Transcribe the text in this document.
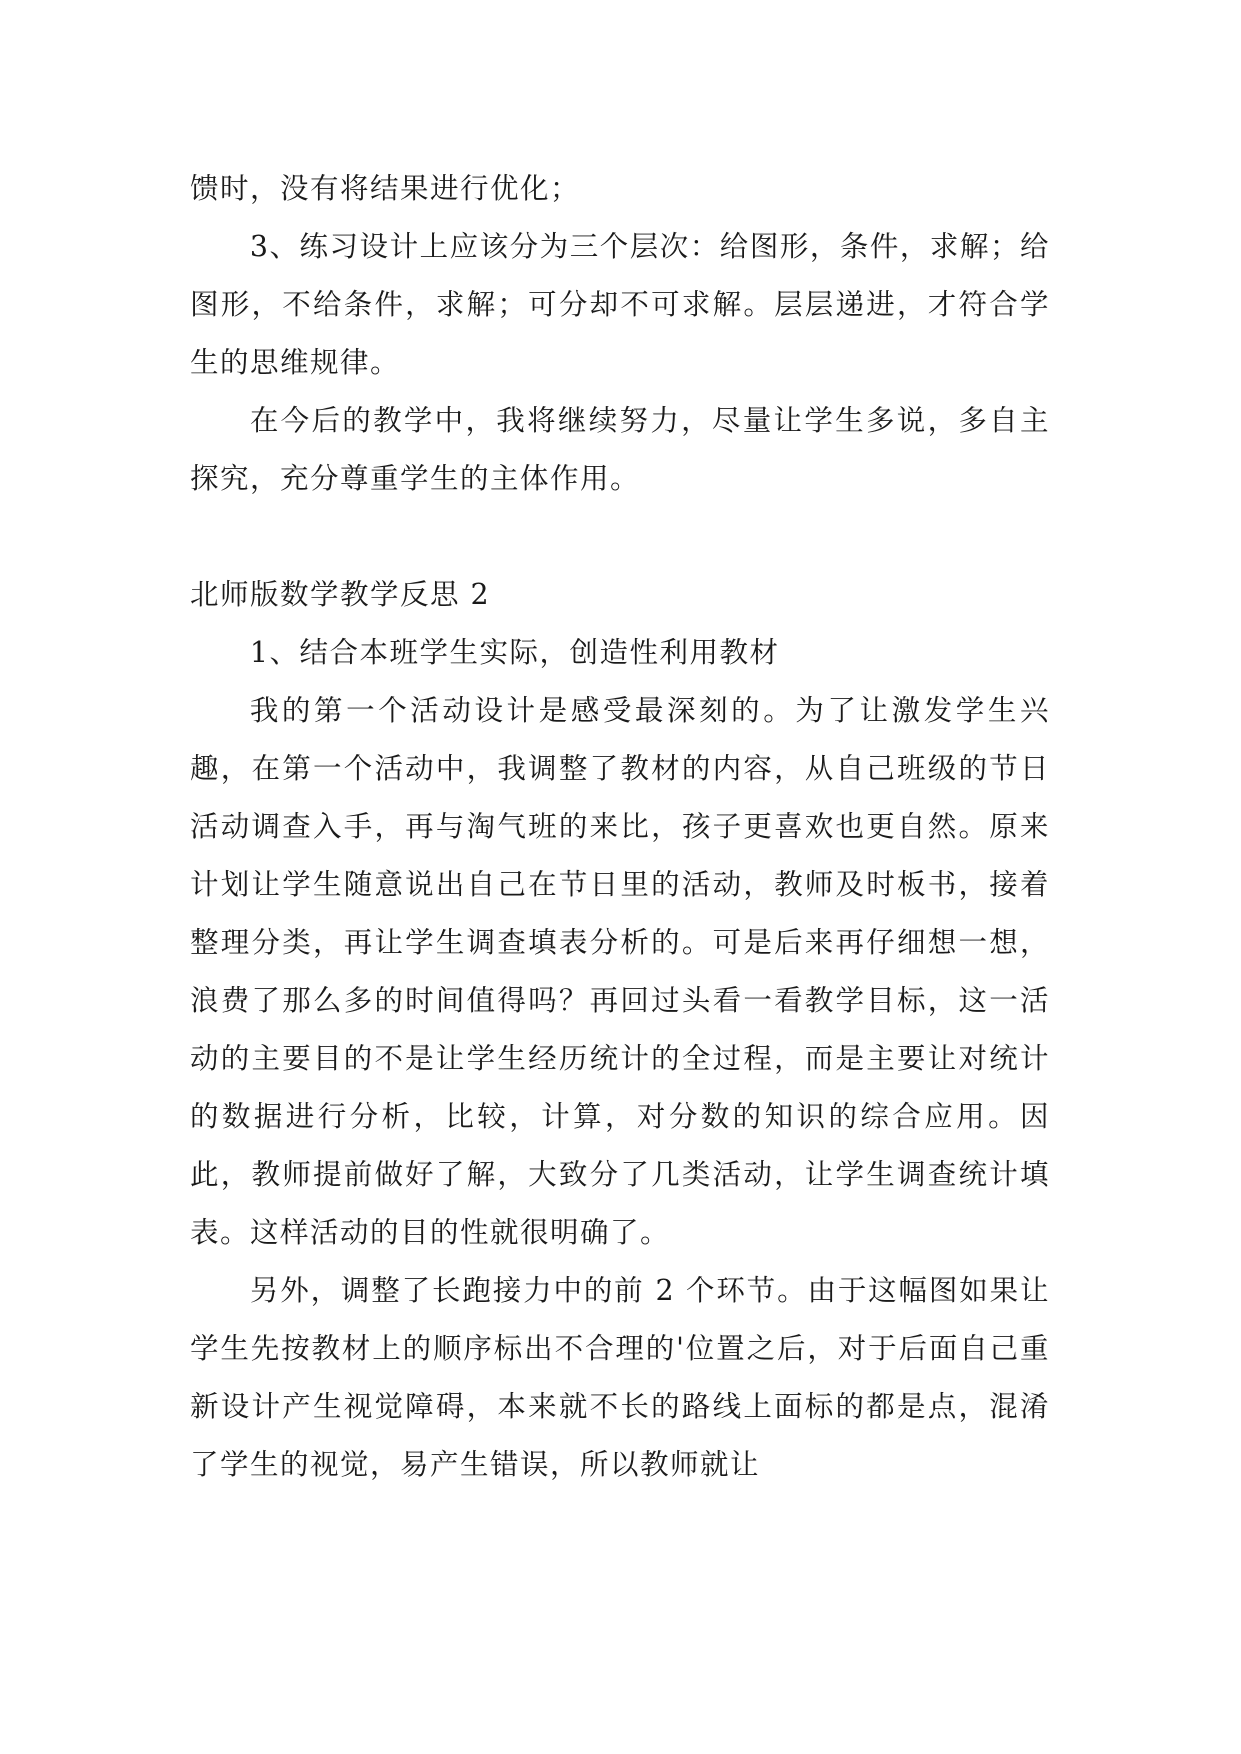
馈时，没有将结果进行优化；

3、练习设计上应该分为三个层次：给图形，条件，求解；给图形，不给条件，求解；可分却不可求解。层层递进，才符合学生的思维规律。

在今后的教学中，我将继续努力，尽量让学生多说，多自主探究，充分尊重学生的主体作用。

北师版数学教学反思 2

1、结合本班学生实际，创造性利用教材

我的第一个活动设计是感受最深刻的。为了让激发学生兴趣，在第一个活动中，我调整了教材的内容，从自己班级的节日活动调查入手，再与淘气班的来比，孩子更喜欢也更自然。原来计划让学生随意说出自己在节日里的活动，教师及时板书，接着整理分类，再让学生调查填表分析的。可是后来再仔细想一想，浪费了那么多的时间值得吗？再回过头看一看教学目标，这一活动的主要目的不是让学生经历统计的全过程，而是主要让对统计的数据进行分析，比较，计算，对分数的知识的综合应用。因此，教师提前做好了解，大致分了几类活动，让学生调查统计填表。这样活动的目的性就很明确了。

另外，调整了长跑接力中的前 2 个环节。由于这幅图如果让学生先按教材上的顺序标出不合理的'位置之后，对于后面自己重新设计产生视觉障碍，本来就不长的路线上面标的都是点，混淆了学生的视觉，易产生错误，所以教师就让
